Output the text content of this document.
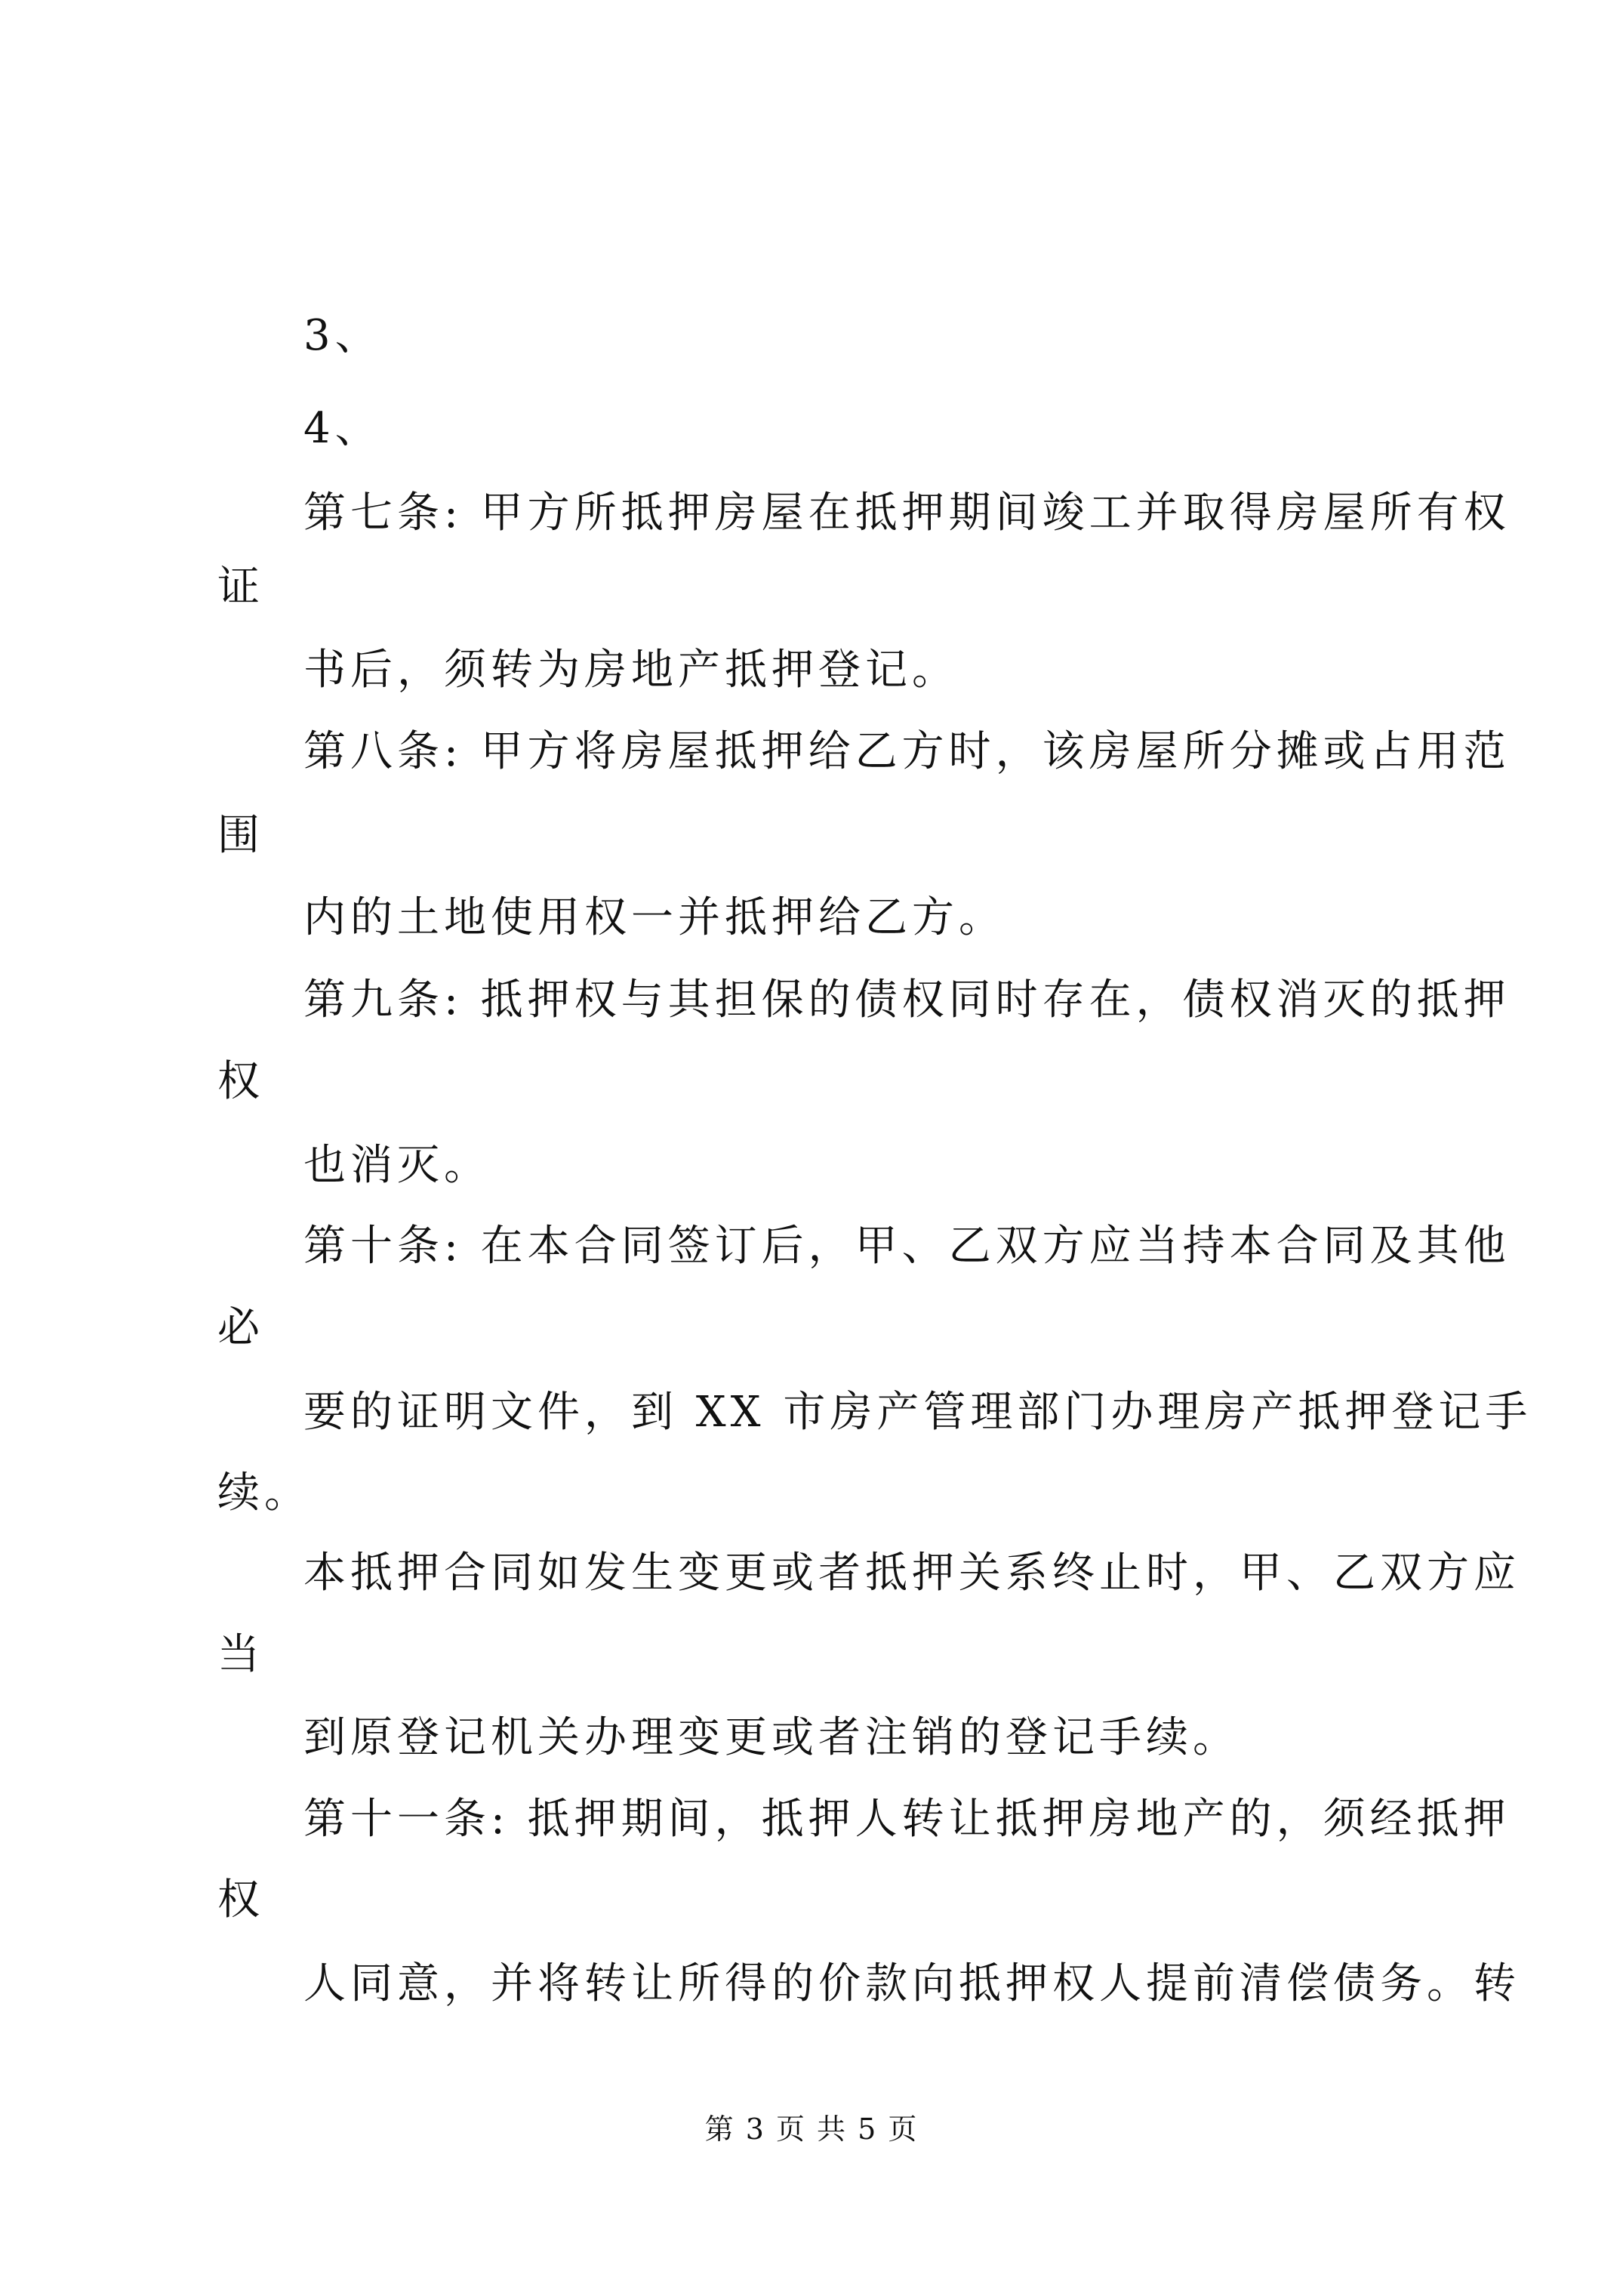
3、
4、
第七条: 甲方所抵押房屋在抵押期间竣工并取得房屋所有权
证
书后，须转为房地产抵押登记。
第八条: 甲方将房屋抵押给乙方时，该房屋所分摊或占用范
围
内的土地使用权一并抵押给乙方。
第九条: 抵押权与其担保的债权同时存在，债权消灭的抵押
权
也消灭。
第十条: 在本合同签订后，甲、乙双方应当持本合同及其他
必
要的证明文件，到 XX 市房产管理部门办理房产抵押登记手
续。
本抵押合同如发生变更或者抵押关系终止时，甲、乙双方应
当
到原登记机关办理变更或者注销的登记手续。
第十一条: 抵押期间，抵押人转让抵押房地产的，须经抵押
权
人同意，并将转让所得的价款向抵押权人提前清偿债务。转
第 3 页 共 5 页
